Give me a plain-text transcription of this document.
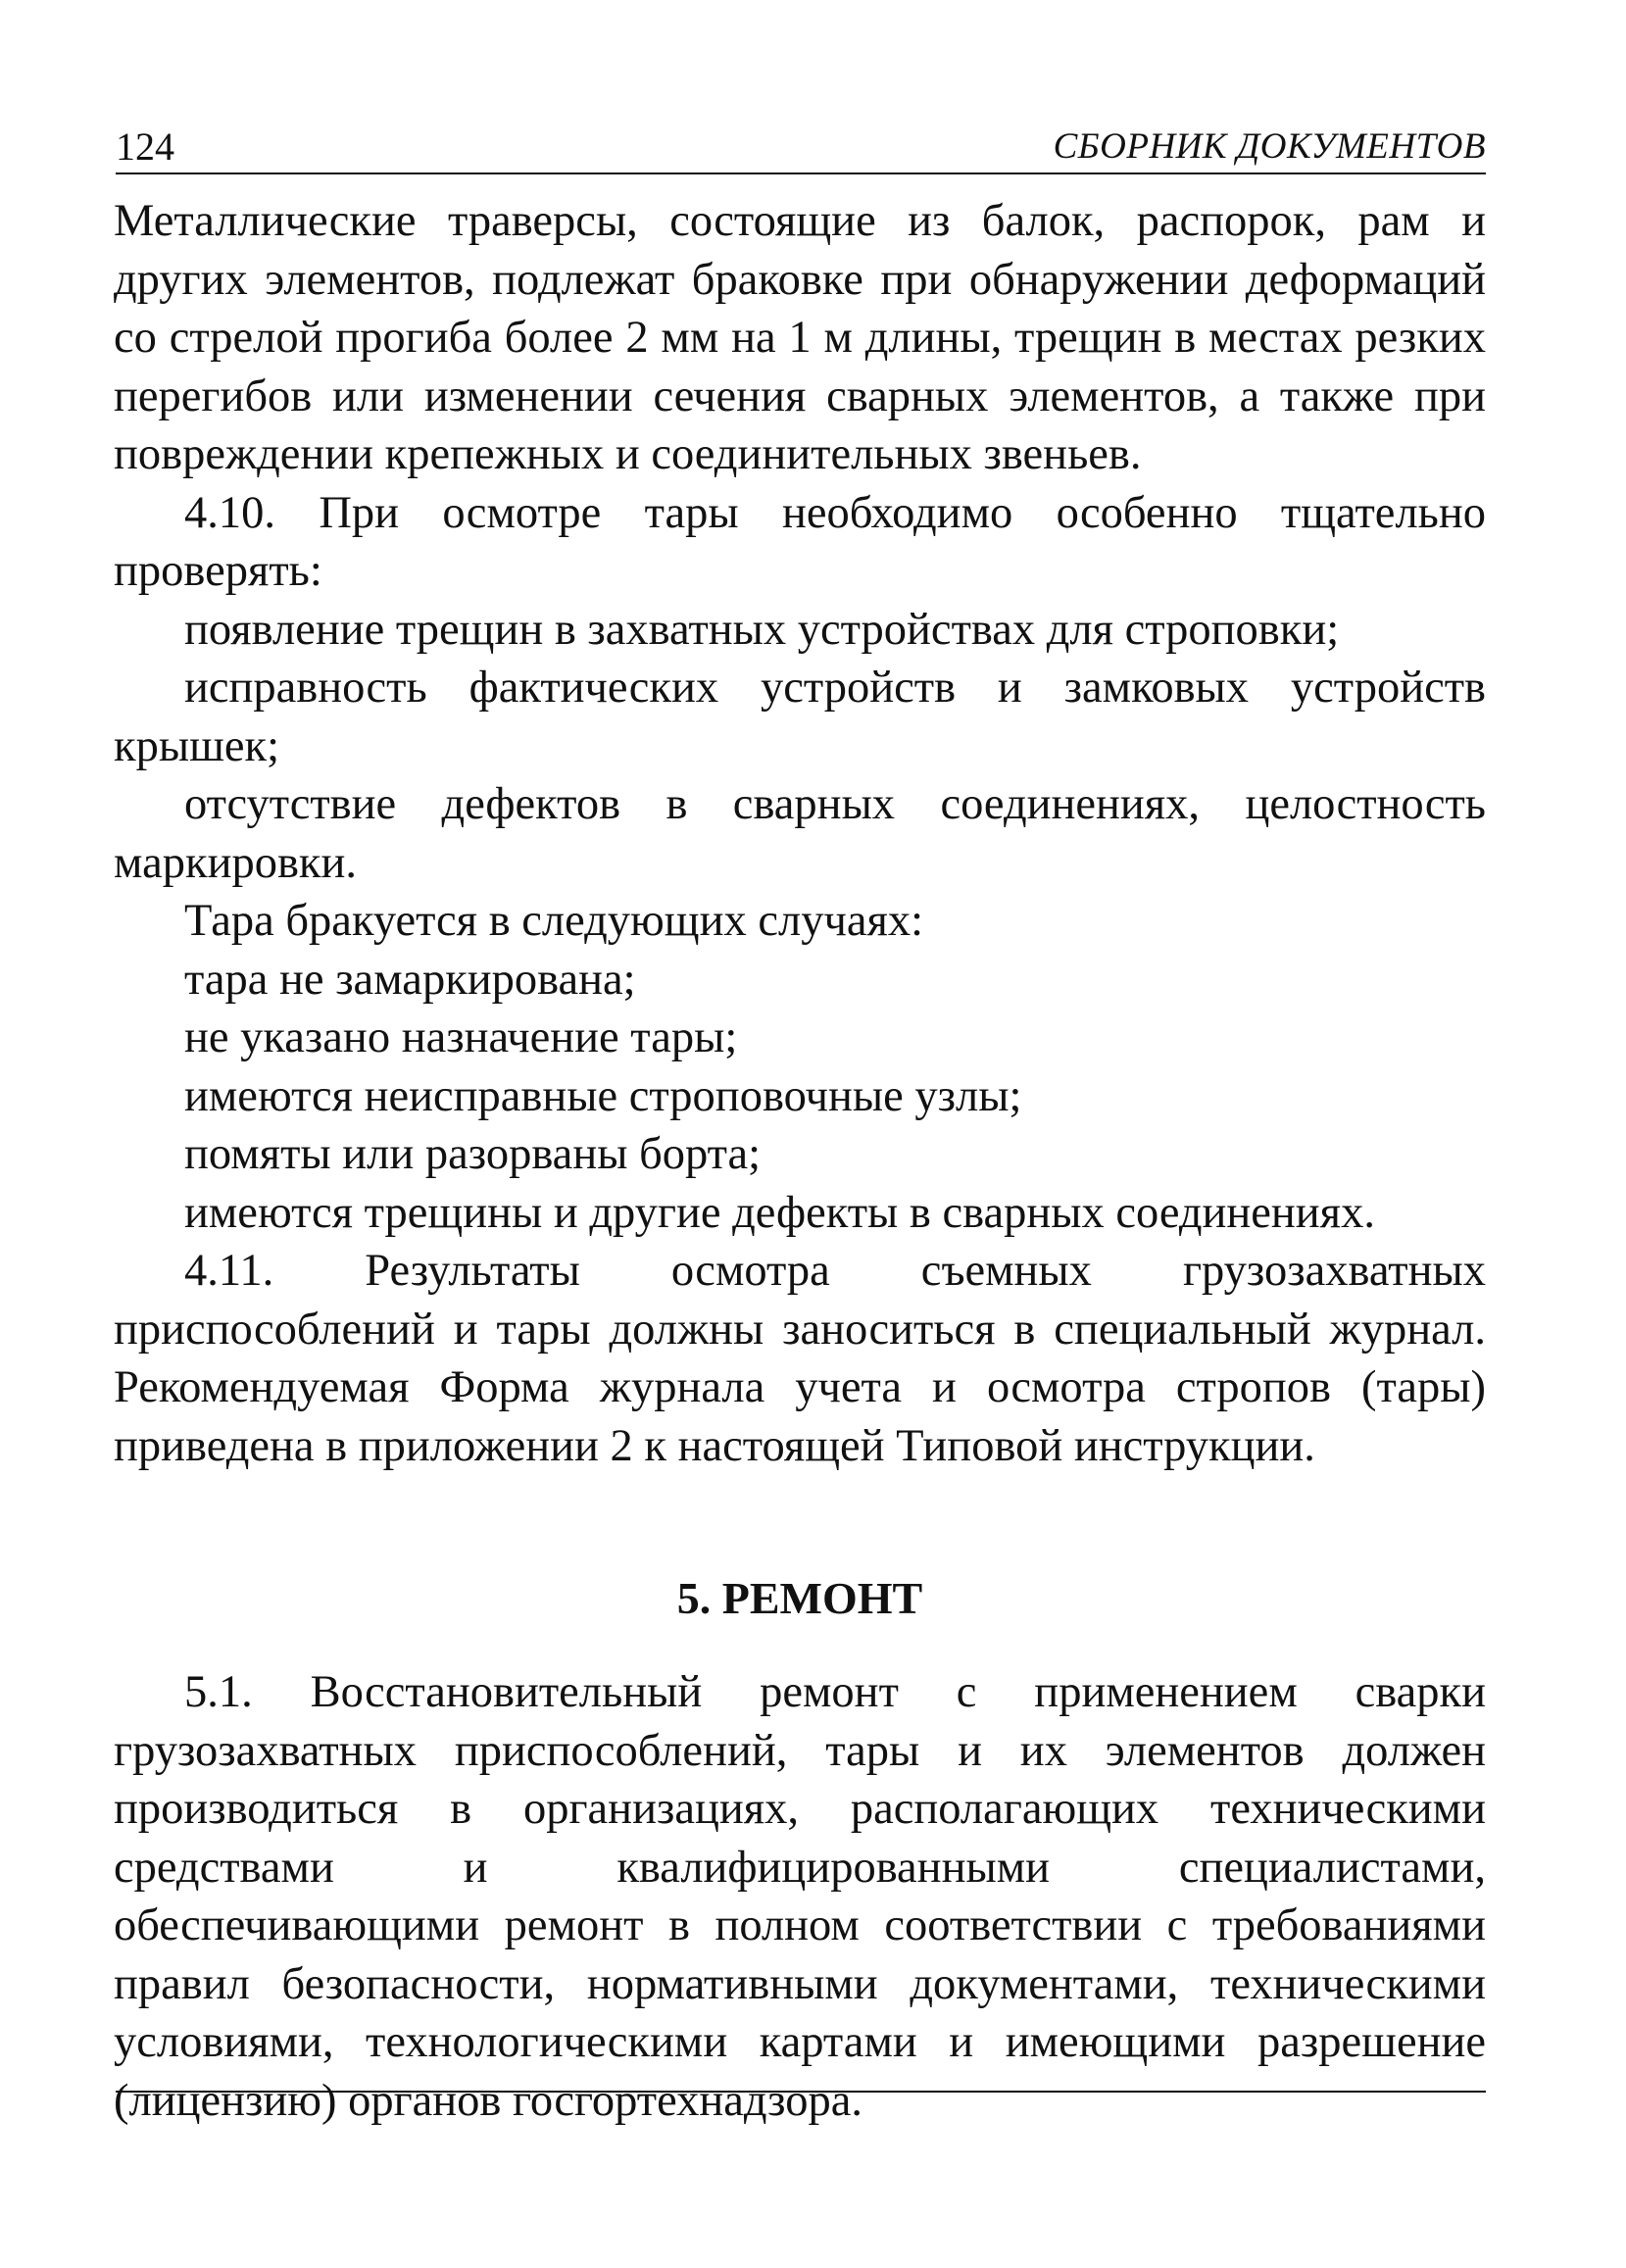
124	СБОРНИК ДОКУМЕНТОВ

Металлические траверсы, состоящие из балок, распорок, рам и других элементов, подлежат браковке при обнаружении деформаций со стрелой прогиба более 2 мм на 1 м длины, трещин в местах резких перегибов или изменении сечения сварных элементов, а также при повреждении крепежных и соединительных звеньев.

4.10. При осмотре тары необходимо особенно тщательно проверять:

появление трещин в захватных устройствах для строповки;

исправность фактических устройств и замковых устройств крышек;

отсутствие дефектов в сварных соединениях, целостность маркировки.

Тара бракуется в следующих случаях:

тара не замаркирована;

не указано назначение тары;

имеются неисправные строповочные узлы;

помяты или разорваны борта;

имеются трещины и другие дефекты в сварных соединениях.

4.11. Результаты осмотра съемных грузозахватных приспособлений и тары должны заноситься в специальный журнал. Рекомендуемая Форма журнала учета и осмотра стропов (тары) приведена в приложении 2 к настоящей Типовой инструкции.

5. РЕМОНТ

5.1. Восстановительный ремонт с применением сварки грузозахватных приспособлений, тары и их элементов должен производиться в организациях, располагающих техническими средствами и квалифицированными специалистами, обеспечивающими ремонт в полном соответствии с требованиями правил безопасности, нормативными документами, техническими условиями, технологическими картами и имеющими разрешение (лицензию) органов госгортехнадзора.
